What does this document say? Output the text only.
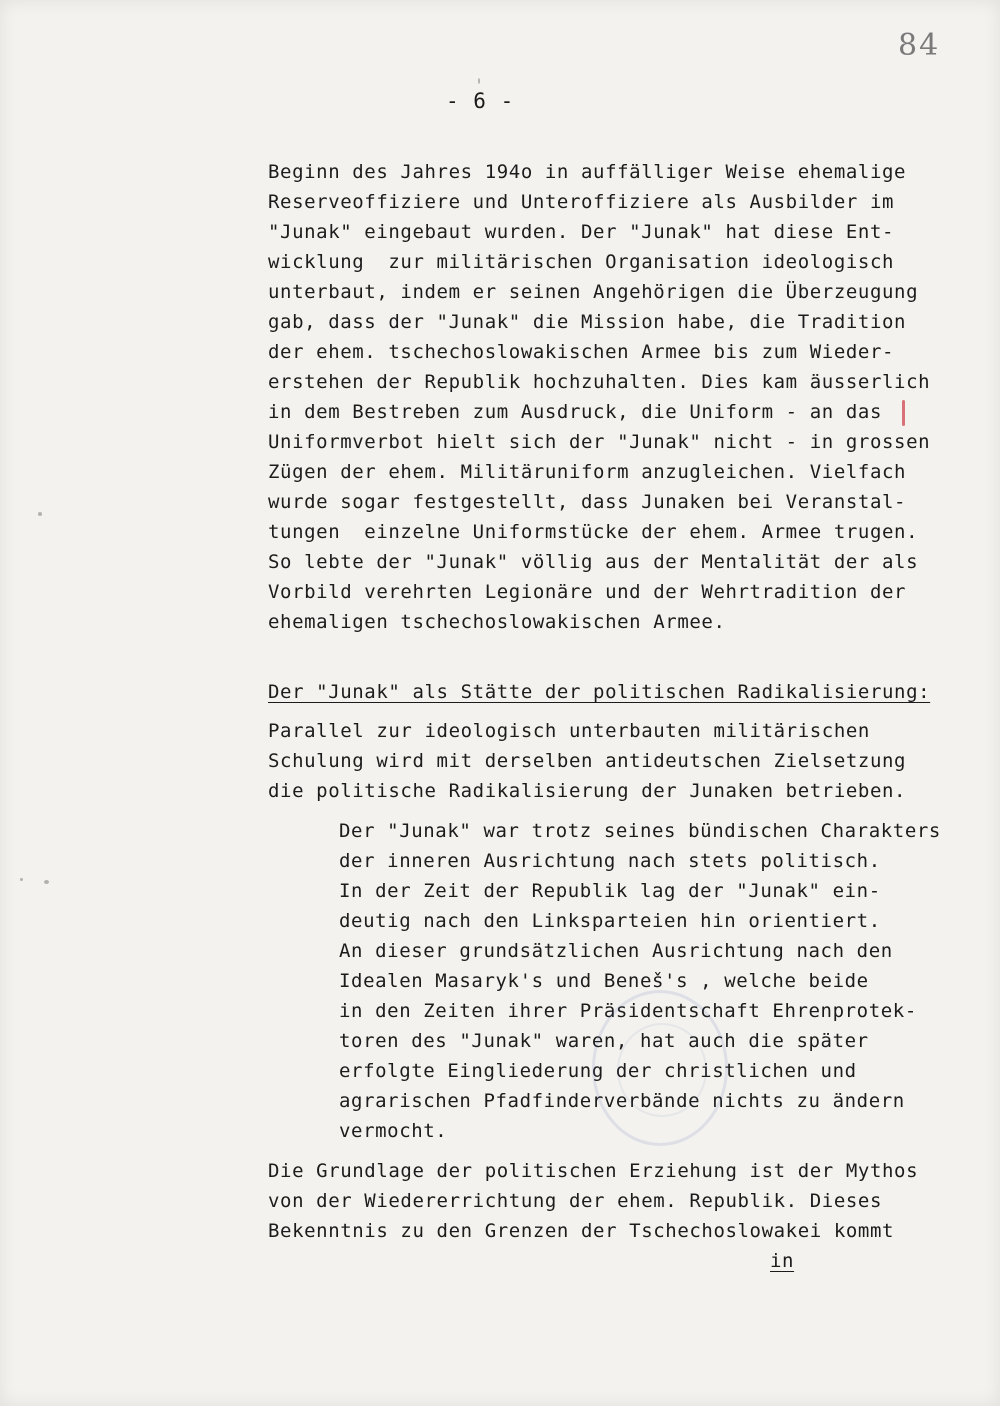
84
- 6 -
Beginn des Jahres 194o in auffälliger Weise ehemalige
Reserveoffiziere und Unteroffiziere als Ausbilder im
"Junak" eingebaut wurden. Der "Junak" hat diese Ent-
wicklung  zur militärischen Organisation ideologisch
unterbaut, indem er seinen Angehörigen die Überzeugung
gab, dass der "Junak" die Mission habe, die Tradition
der ehem. tschechoslowakischen Armee bis zum Wieder-
erstehen der Republik hochzuhalten. Dies kam äusserlich
in dem Bestreben zum Ausdruck, die Uniform - an das
Uniformverbot hielt sich der "Junak" nicht - in grossen
Zügen der ehem. Militäruniform anzugleichen. Vielfach
wurde sogar festgestellt, dass Junaken bei Veranstal-
tungen  einzelne Uniformstücke der ehem. Armee trugen.
So lebte der "Junak" völlig aus der Mentalität der als
Vorbild verehrten Legionäre und der Wehrtradition der
ehemaligen tschechoslowakischen Armee.
Der "Junak" als Stätte der politischen Radikalisierung:
Parallel zur ideologisch unterbauten militärischen
Schulung wird mit derselben antideutschen Zielsetzung
die politische Radikalisierung der Junaken betrieben.
Der "Junak" war trotz seines bündischen Charakters
der inneren Ausrichtung nach stets politisch.
In der Zeit der Republik lag der "Junak" ein-
deutig nach den Linksparteien hin orientiert.
An dieser grundsätzlichen Ausrichtung nach den
Idealen Masaryk's und Beneš's , welche beide
in den Zeiten ihrer Präsidentschaft Ehrenprotek-
toren des "Junak" waren, hat auch die später
erfolgte Eingliederung der christlichen und
agrarischen Pfadfinderverbände nichts zu ändern
vermocht.
Die Grundlage der politischen Erziehung ist der Mythos
von der Wiedererrichtung der ehem. Republik. Dieses
Bekenntnis zu den Grenzen der Tschechoslowakei kommt
in
